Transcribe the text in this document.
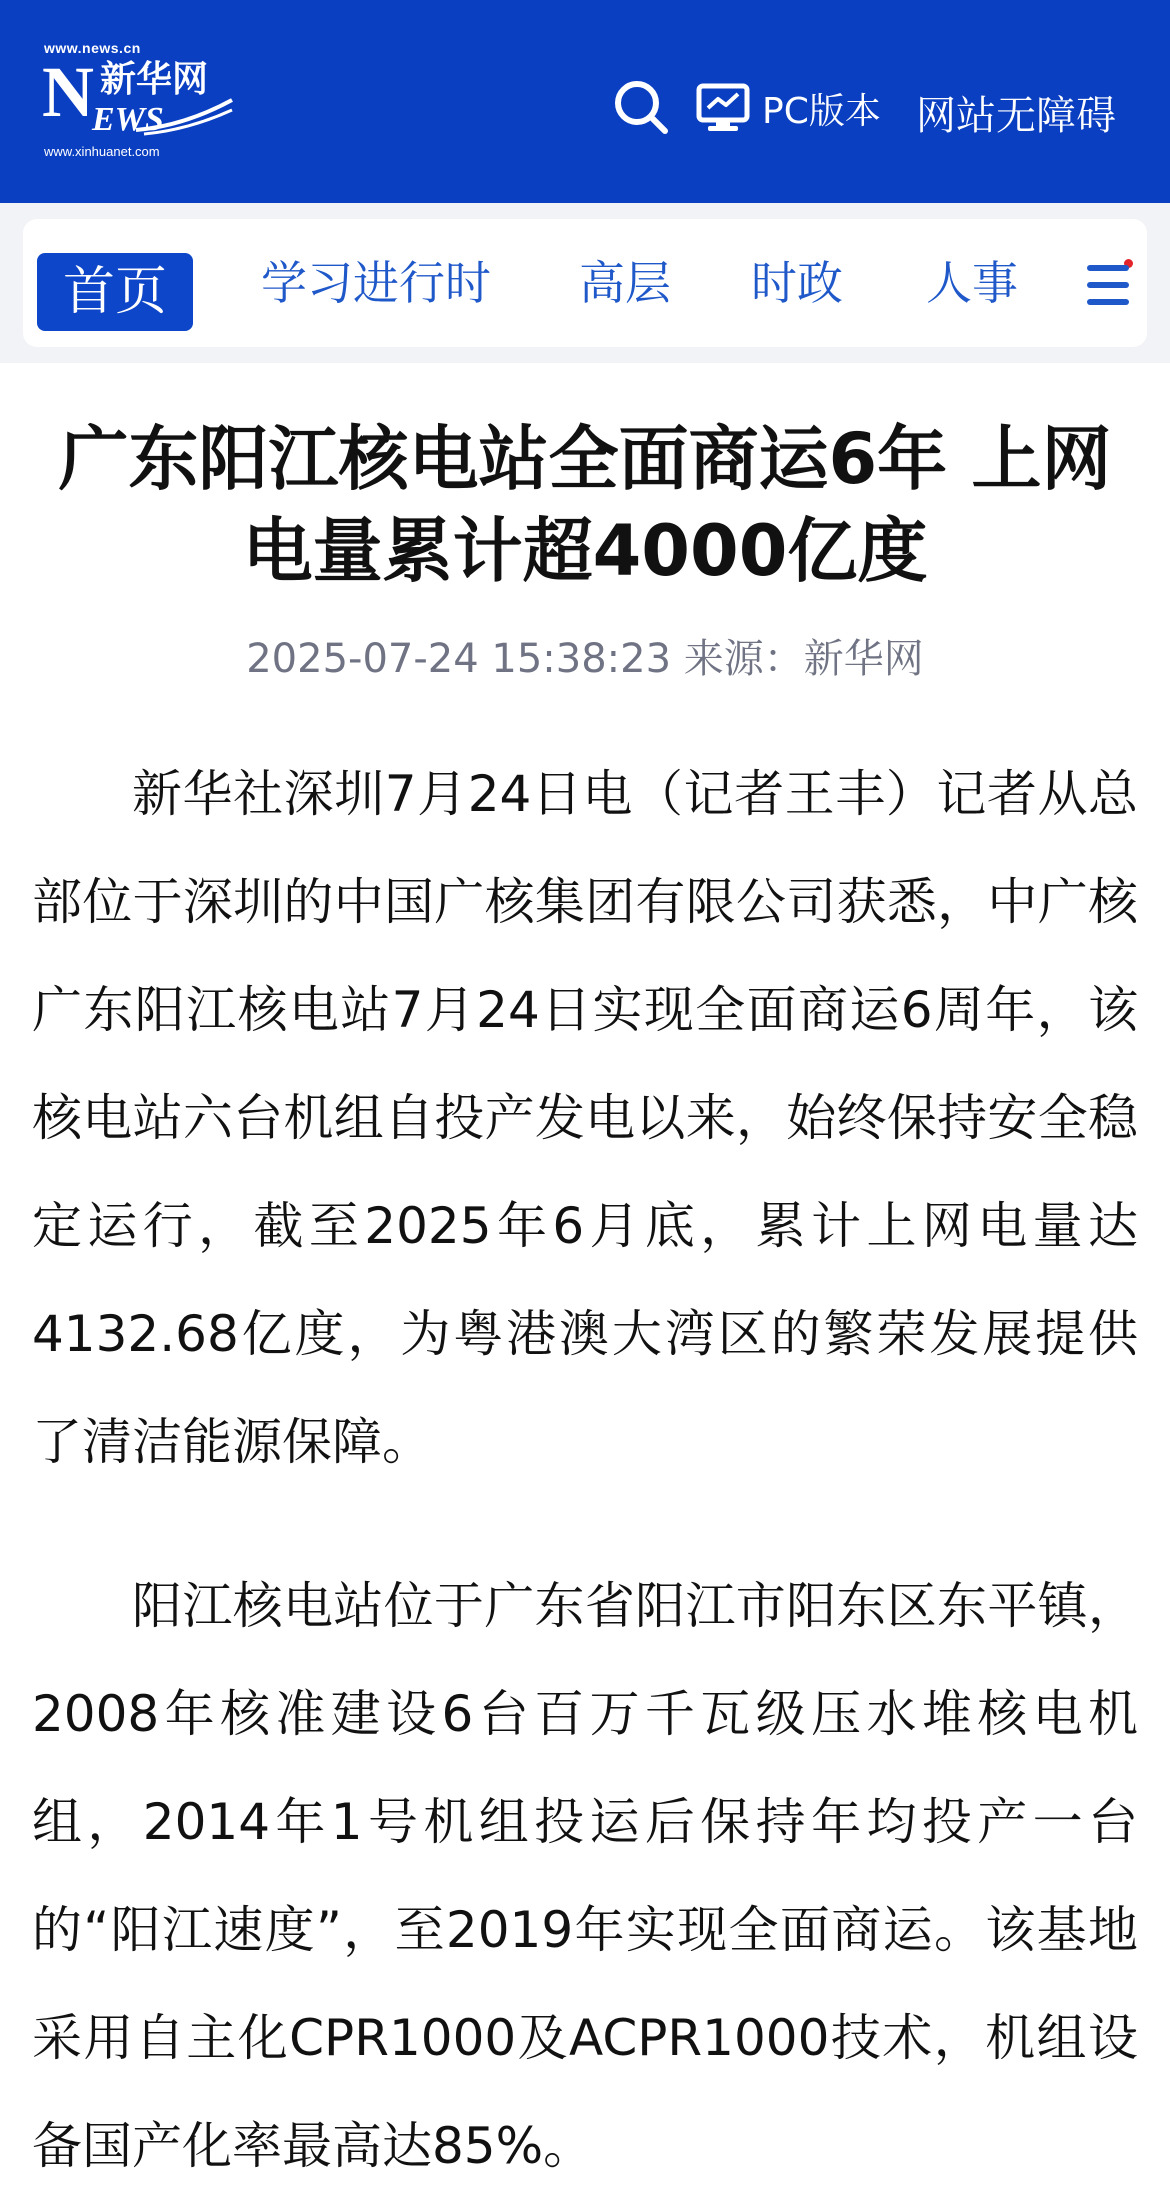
www.news.cn
N 新华网
EWS
www.xinhuanet.com
PC版本 网站无障碍
首页	学习进行时 高层 时政 人事
广东阳江核电站全面商运6年 上网
电量累计超4000亿度
2025-07-24 15:38:23 来源：新华网

新华社深圳7月24日电（记者王丰）记者从总部位于深圳的中国广核集团有限公司获悉，中广核广东阳江核电站7月24日实现全面商运6周年，该核电站六台机组自投产发电以来，始终保持安全稳定运行，截至2025年6月底，累计上网电量达4132.68亿度，为粤港澳大湾区的繁荣发展提供了清洁能源保障。

阳江核电站位于广东省阳江市阳东区东平镇，2008年核准建设6台百万千瓦级压水堆核电机组，2014年1号机组投运后保持年均投产一台的“阳江速度”，至2019年实现全面商运。该基地采用自主化CPR1000及ACPR1000技术，机组设备国产化率最高达85%。
